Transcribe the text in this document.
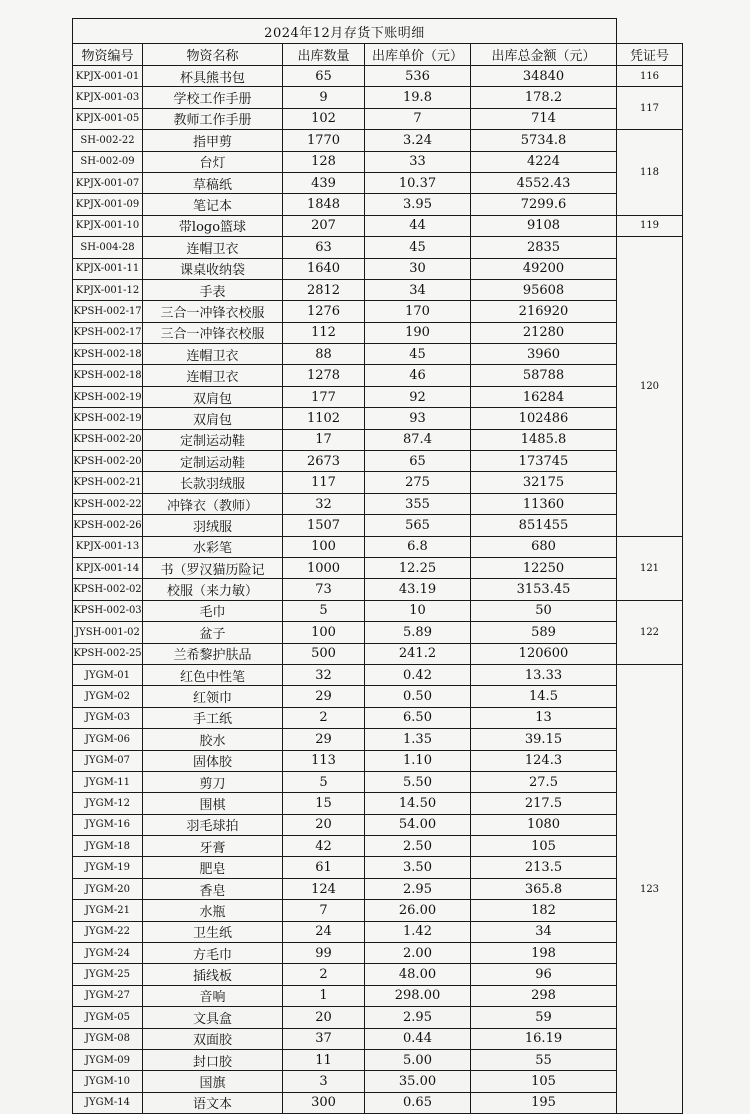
2024年12月存货下账明细					
物资编号	物资名称	出库数量	出库单价（元）	出库总金额（元）	凭证号
KPJX-001-01	杯具熊书包	65	536	34840	116
KPJX-001-03	学校工作手册	9	19.8	178.2	117
KPJX-001-05	教师工作手册	102	7	714	
SH-002-22	指甲剪	1770	3.24	5734.8	118
SH-002-09	台灯	128	33	4224	
KPJX-001-07	草稿纸	439	10.37	4552.43	
KPJX-001-09	笔记本	1848	3.95	7299.6	
KPJX-001-10	带logo篮球	207	44	9108	119
SH-004-28	连帽卫衣	63	45	2835	120
KPJX-001-11	课桌收纳袋	1640	30	49200	
KPJX-001-12	手表	2812	34	95608	
KPSH-002-17	三合一冲锋衣校服	1276	170	216920	
KPSH-002-17	三合一冲锋衣校服	112	190	21280	
KPSH-002-18	连帽卫衣	88	45	3960	
KPSH-002-18	连帽卫衣	1278	46	58788	
KPSH-002-19	双肩包	177	92	16284	
KPSH-002-19	双肩包	1102	93	102486	
KPSH-002-20	定制运动鞋	17	87.4	1485.8	
KPSH-002-20	定制运动鞋	2673	65	173745	
KPSH-002-21	长款羽绒服	117	275	32175	
KPSH-002-22	冲锋衣（教师）	32	355	11360	
KPSH-002-26	羽绒服	1507	565	851455	
KPJX-001-13	水彩笔	100	6.8	680	121
KPJX-001-14	书（罗汉猫历险记	1000	12.25	12250	
KPSH-002-02	校服（来力敏）	73	43.19	3153.45	
KPSH-002-03	毛巾	5	10	50	122
JYSH-001-02	盆子	100	5.89	589	
KPSH-002-25	兰希黎护肤品	500	241.2	120600	
JYGM-01	红色中性笔	32	0.42	13.33	123
JYGM-02	红领巾	29	0.50	14.5	
JYGM-03	手工纸	2	6.50	13	
JYGM-06	胶水	29	1.35	39.15	
JYGM-07	固体胶	113	1.10	124.3	
JYGM-11	剪刀	5	5.50	27.5	
JYGM-12	围棋	15	14.50	217.5	
JYGM-16	羽毛球拍	20	54.00	1080	
JYGM-18	牙膏	42	2.50	105	
JYGM-19	肥皂	61	3.50	213.5	
JYGM-20	香皂	124	2.95	365.8	
JYGM-21	水瓶	7	26.00	182	
JYGM-22	卫生纸	24	1.42	34	
JYGM-24	方毛巾	99	2.00	198	
JYGM-25	插线板	2	48.00	96	
JYGM-27	音响	1	298.00	298	
JYGM-05	文具盒	20	2.95	59	
JYGM-08	双面胶	37	0.44	16.19	
JYGM-09	封口胶	11	5.00	55	
JYGM-10	国旗	3	35.00	105	
JYGM-14	语文本	300	0.65	195	
